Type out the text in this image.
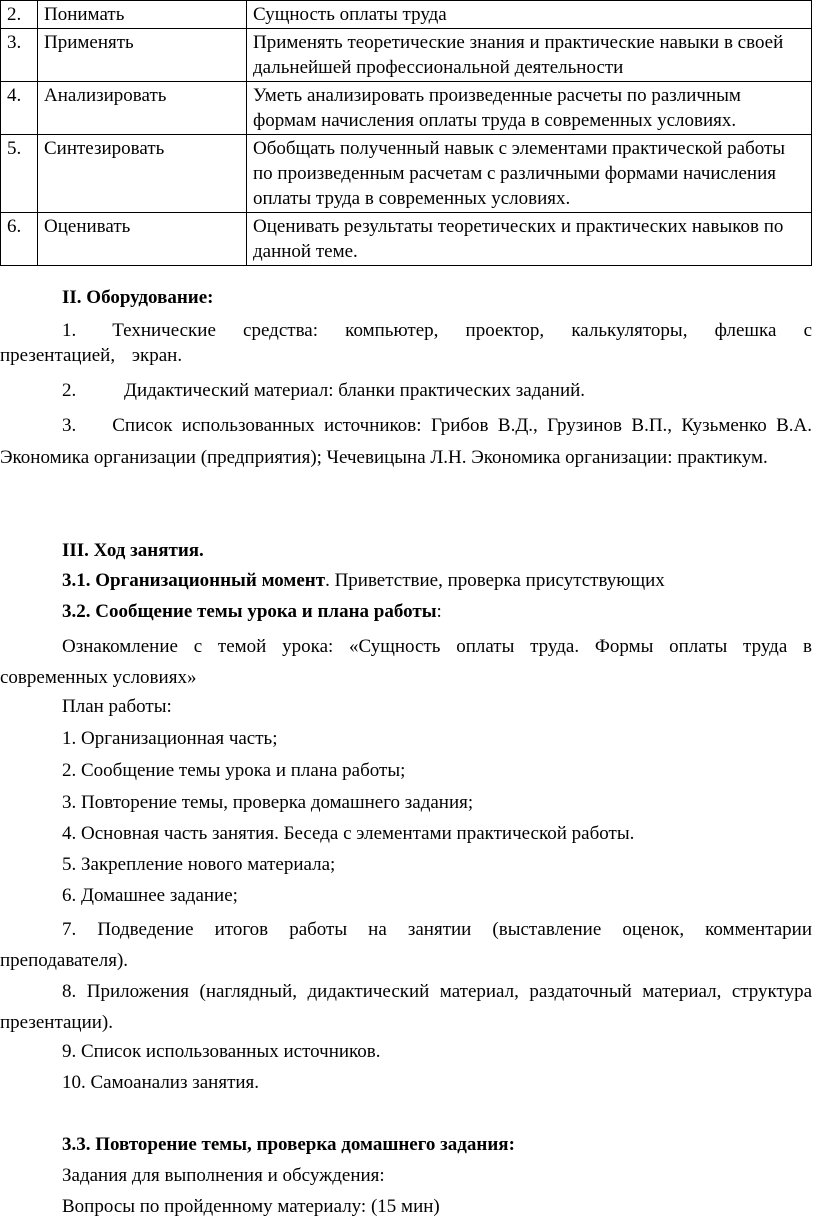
2.	Понимать	Сущность оплаты труда
3.	Применять	Применять теоретические знания и практические навыки в своей дальнейшей профессиональной деятельности
4.	Анализировать	Уметь анализировать произведенные расчеты по различным формам начисления оплаты труда в современных условиях.
5.	Синтезировать	Обобщать полученный навык с элементами практической работы по произведенным расчетам с различными формами начисления оплаты труда в современных условиях.
6.	Оценивать	Оценивать результаты теоретических и практических навыков по данной теме.
II. Оборудование:
1. Технические средства: компьютер, проектор, калькуляторы, флешка с презентацией, экран.
2.	Дидактический материал: бланки практических заданий.
3. Список использованных источников: Грибов В.Д., Грузинов В.П., Кузьменко В.А. Экономика организации (предприятия); Чечевицына Л.Н. Экономика организации: практикум.
III. Ход занятия.
3.1. Организационный момент. Приветствие, проверка присутствующих
3.2. Сообщение темы урока и плана работы:
Ознакомление с темой урока: «Сущность оплаты труда. Формы оплаты труда в современных условиях»
План работы:
1. Организационная часть;
2. Сообщение темы урока и плана работы;
3. Повторение темы, проверка домашнего задания;
4. Основная часть занятия. Беседа с элементами практической работы.
5. Закрепление нового материала;
6. Домашнее задание;
7. Подведение итогов работы на занятии (выставление оценок, комментарии преподавателя).
8. Приложения (наглядный, дидактический материал, раздаточный материал, структура презентации).
9. Список использованных источников.
10. Самоанализ занятия.
3.3. Повторение темы, проверка домашнего задания:
Задания для выполнения и обсуждения:
Вопросы по пройденному материалу: (15 мин)
